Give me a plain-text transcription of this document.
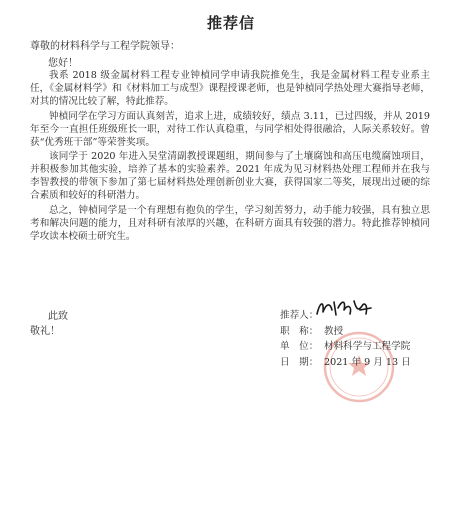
推荐信
尊敬的材料科学与工程学院领导：
您好！

我系 2018 级金属材料工程专业钟楨同学申请我院推免生，我是金属材料工程专业系主任，《金属材料学》和《材料加工与成型》课程授课老师，也是钟楨同学热处理大赛指导老师，对其的情况比较了解，特此推荐。

钟楨同学在学习方面认真刻苦，追求上进，成绩较好，绩点 3.11，已过四级，并从 2019 年至今一直担任班级班长一职，对待工作认真稳重，与同学相处得很融洽，人际关系较好。曾获“优秀班干部”等荣誉奖项。

该同学于 2020 年进入吴堂清副教授课题组，期间参与了土壤腐蚀和高压电缆腐蚀项目，并积极参加其他实验，培养了基本的实验素养。2021 年成为见习材料热处理工程师并在我与李智教授的带领下参加了第七届材料热处理创新创业大赛，获得国家二等奖，展现出过硬的综合素质和较好的科研潜力。

总之，钟楨同学是一个有理想有抱负的学生，学习刻苦努力，动手能力较强，具有独立思考和解决问题的能力，且对科研有浓厚的兴趣，在科研方面具有较强的潜力。特此推荐钟楨同学攻读本校硕士研究生。

此致
敬礼！
推荐人：
职　称： 教授
单　位： 材料科学与工程学院
日　期： 2021 年 9 月 13 日
